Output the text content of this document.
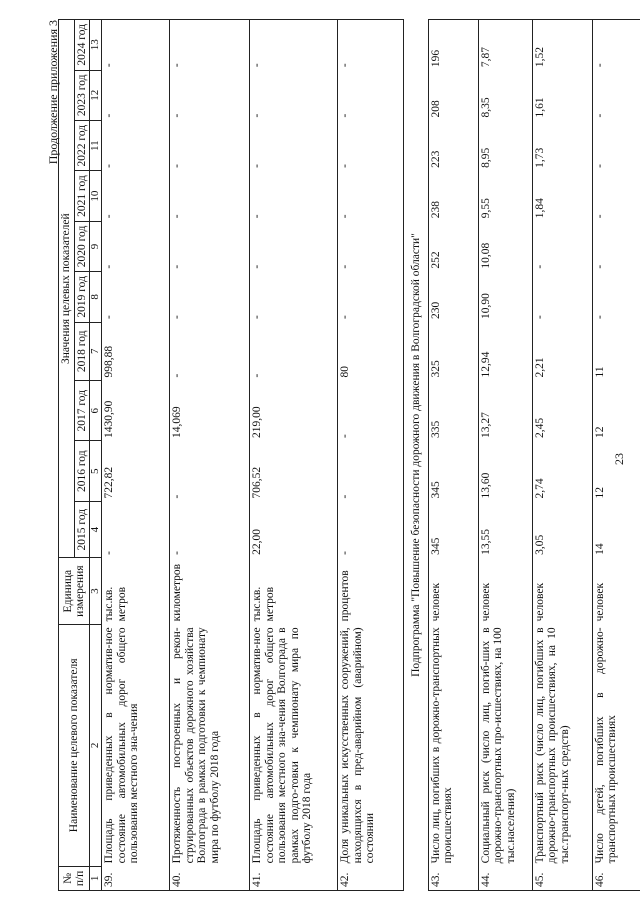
Продолжение приложения 3
№
п/п	Наименование целевого показателя	Единица измерения	Значения целевых показателей									
			2015 год	2016 год	2017 год	2018 год	2019 год	2020 год	2021 год	2022 год	2023 год	2024 год
1	2	3	4	5	6	7	8	9	10	11	12	13
39.	Площадь приведенных в норматив-ное состояние автомобильных дорог общего пользования местного зна-чения	тыс.кв. метров	-	722,82	1430,90	998,88	-	-	-	-	-	-
40.	Протяженность построенных и рекон-струированных объектов дорожного хозяйства Волгограда в рамках подготовки к чемпионату мира по футболу 2018 года	километров	-	-	14,069	-	-	-	-	-	-	-
41.	Площадь приведенных в норматив-ное состояние автомобильных дорог общего пользования местного зна-чения Волгограда в рамках подго-товки к чемпионату мира по футболу 2018 года	тыс.кв. метров	22,00	706,52	219,00	-	-	-	-	-	-	-
42.	Доля уникальных искусственных сооружений, находящихся в пред-аварийном (аварийном) состоянии	процентов	-	-	-	80	-	-	-	-	-	-
Подпрограмма "Повышение безопасности дорожного движения в Волгоградской области"												
43.	Число лиц, погибших в дорожно-транспортных происшествиях	человек	345	345	335	325	230	252	238	223	208	196
44.	Социальный риск (число лиц, погиб-ших в дорожно-транспортных про-исшествиях, на 100 тыс.населения)	человек	13,55	13,60	13,27	12,94	10,90	10,08	9,55	8,95	8,35	7,87
45.	Транспортный риск (число лиц, погибших в дорожно-транспортных происшествиях, на 10 тыс.транспорт-ных средств)	человек	3,05	2,74	2,45	2,21	-	-	1,84	1,73	1,61	1,52
46.	Число детей, погибших в дорожно-транспортных происшествиях	человек	14	12	12	11	-	-	-	-	-	-
23
